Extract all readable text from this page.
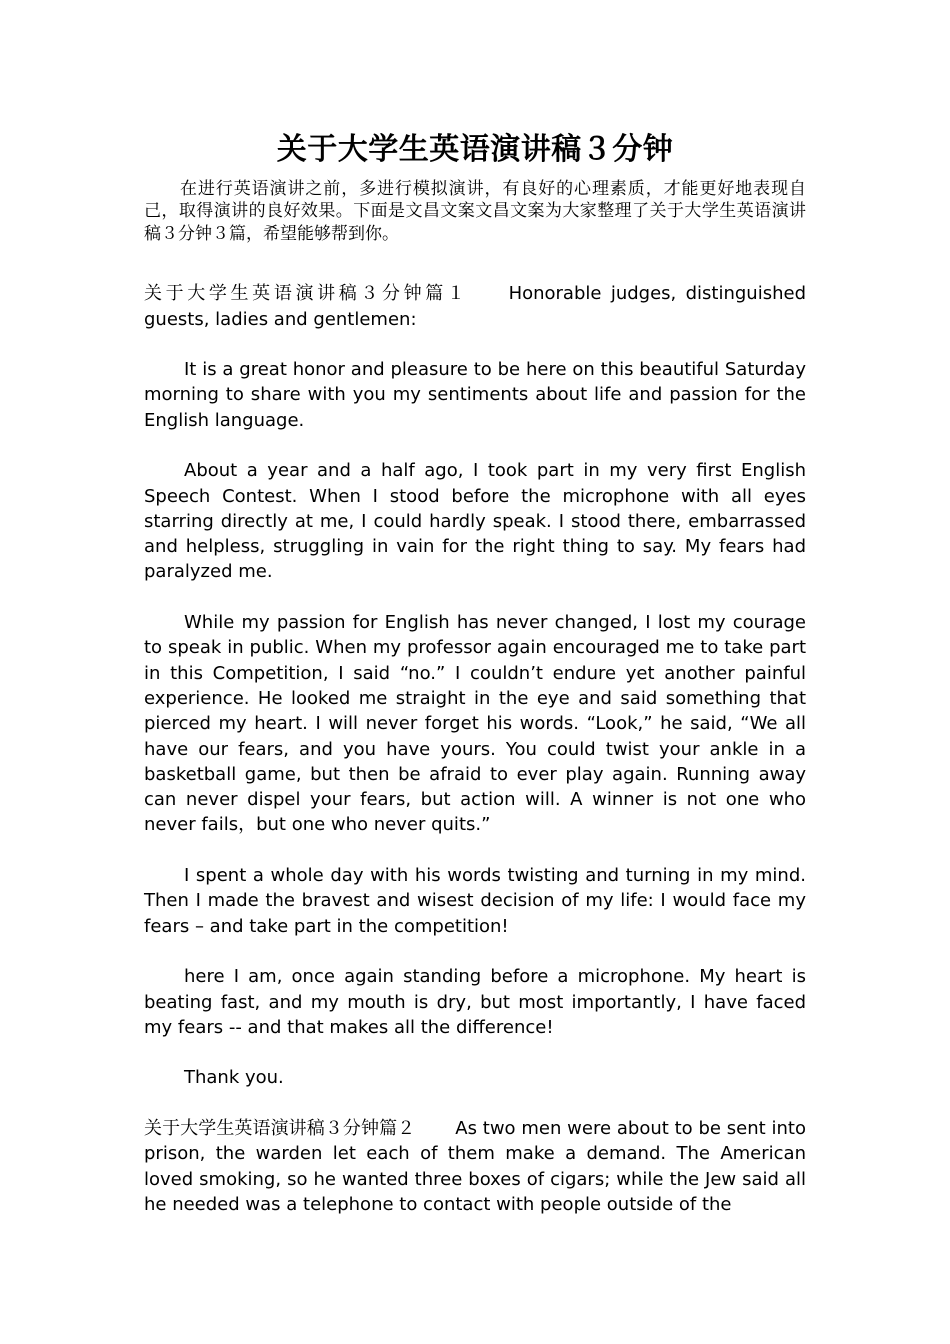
关于大学生英语演讲稿３分钟

在进行英语演讲之前，多进行模拟演讲，有良好的心理素质，才能更好地表现自己，取得演讲的良好效果。下面是文昌文案文昌文案为大家整理了关于大学生英语演讲稿３分钟３篇，希望能够帮到你。

关于大学生英语演讲稿３分钟篇１ Honorable judges, distinguished guests, ladies and gentlemen:

It is a great honor and pleasure to be here on this beautiful Saturday morning to share with you my sentiments about life and passion for the English language.

About a year and a half ago, I took part in my very first English Speech Contest. When I stood before the microphone with all eyes starring directly at me, I could hardly speak. I stood there, embarrassed and helpless, struggling in vain for the right thing to say. My fears had paralyzed me.

While my passion for English has never changed, I lost my courage to speak in public. When my professor again encouraged me to take part in this Competition, I said “no.” I couldn’t endure yet another painful experience. He looked me straight in the eye and said something that pierced my heart. I will never forget his words. “Look,” he said, “We all have our fears, and you have yours. You could twist your ankle in a basketball game, but then be afraid to ever play again. Running away can never dispel your fears, but action will. A winner is not one who never fails，but one who never quits.”

I spent a whole day with his words twisting and turning in my mind. Then I made the bravest and wisest decision of my life: I would face my fears – and take part in the competition!

here I am, once again standing before a microphone. My heart is beating fast, and my mouth is dry, but most importantly, I have faced my fears -- and that makes all the difference!

Thank you.

关于大学生英语演讲稿３分钟篇２ As two men were about to be sent into prison, the warden let each of them make a demand. The American loved smoking, so he wanted three boxes of cigars; while the Jew said all he needed was a telephone to contact with people outside of the
